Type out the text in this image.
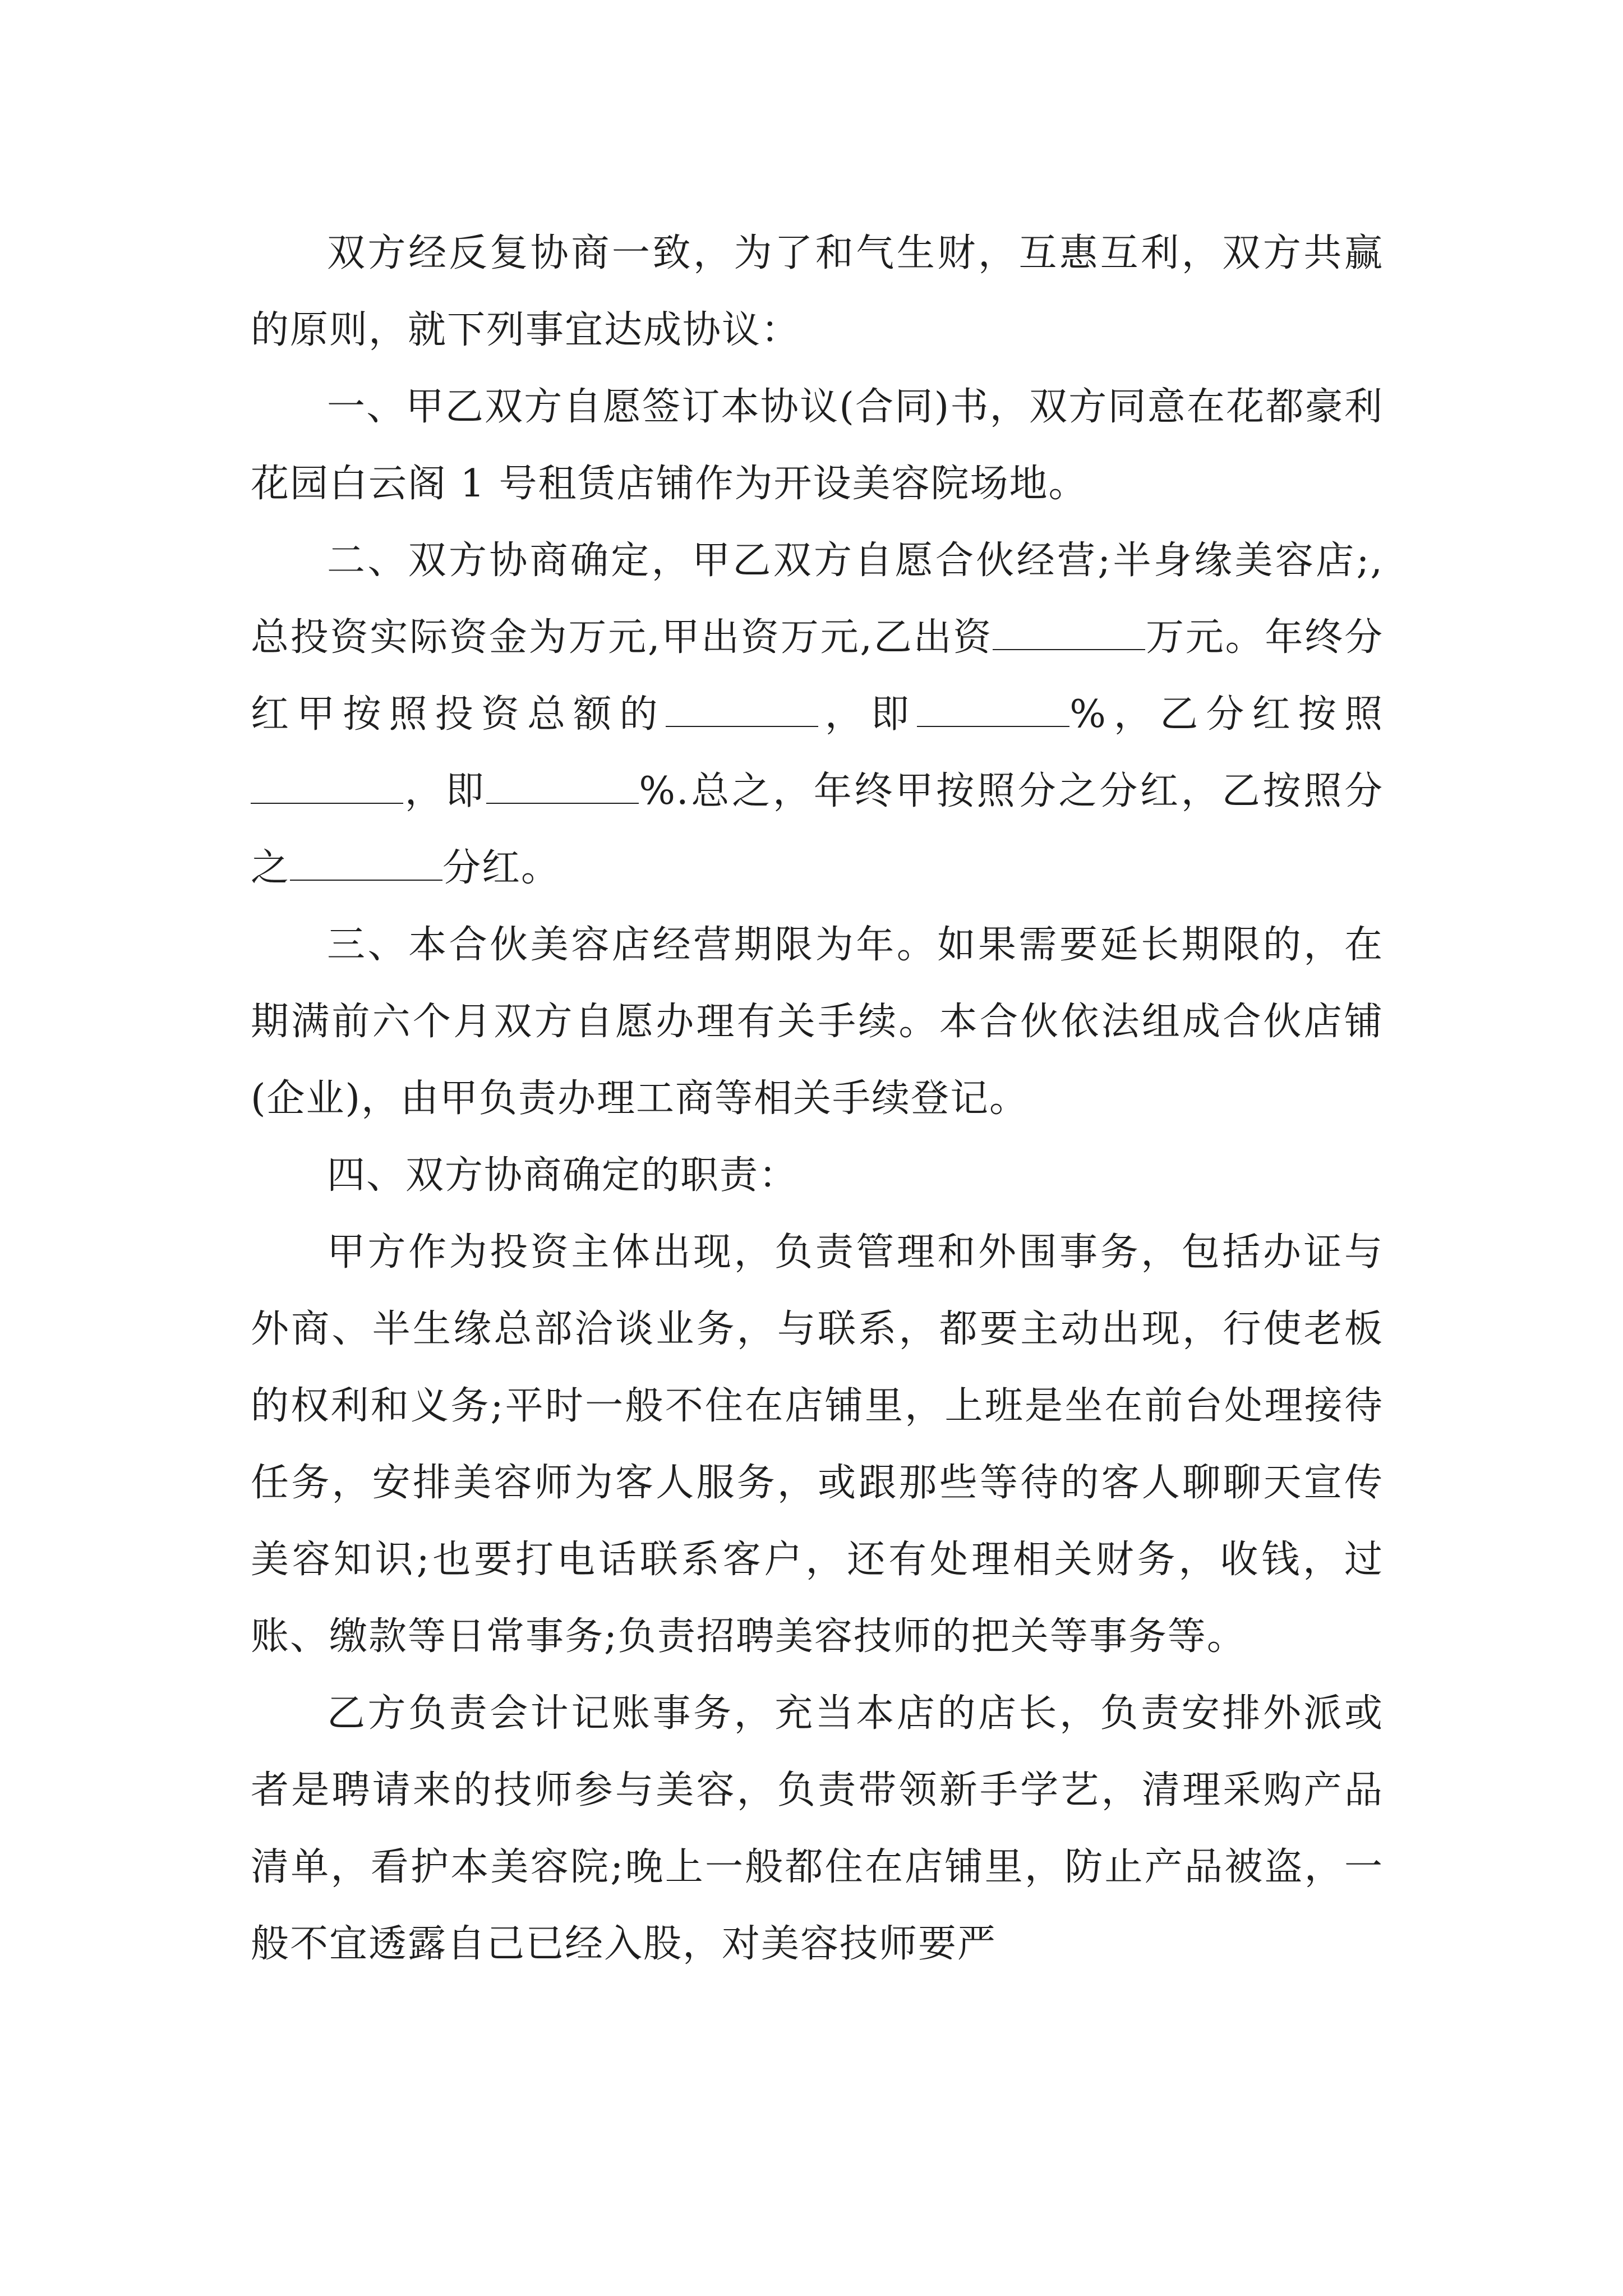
双方经反复协商一致，为了和气生财，互惠互利，双方共赢的原则，就下列事宜达成协议：

一、甲乙双方自愿签订本协议(合同)书，双方同意在花都豪利花园白云阁 1 号租赁店铺作为开设美容院场地。

二、双方协商确定，甲乙双方自愿合伙经营;半身缘美容店;,总投资实际资金为万元,甲出资万元,乙出资	万元。年终分红甲按照投资总额的	，即	%，乙分红按照，即	%.总之，年终甲按照分之分红，乙按照分之	分红。

三、本合伙美容店经营期限为年。如果需要延长期限的，在期满前六个月双方自愿办理有关手续。本合伙依法组成合伙店铺(企业)，由甲负责办理工商等相关手续登记。

四、双方协商确定的职责：

甲方作为投资主体出现，负责管理和外围事务，包括办证与外商、半生缘总部洽谈业务，与联系，都要主动出现，行使老板的权利和义务;平时一般不住在店铺里，上班是坐在前台处理接待任务，安排美容师为客人服务，或跟那些等待的客人聊聊天宣传美容知识;也要打电话联系客户，还有处理相关财务，收钱，过账、缴款等日常事务;负责招聘美容技师的把关等事务等。

乙方负责会计记账事务，充当本店的店长，负责安排外派或者是聘请来的技师参与美容，负责带领新手学艺，清理采购产品清单，看护本美容院;晚上一般都住在店铺里，防止产品被盗，一般不宜透露自己已经入股，对美容技师要严
